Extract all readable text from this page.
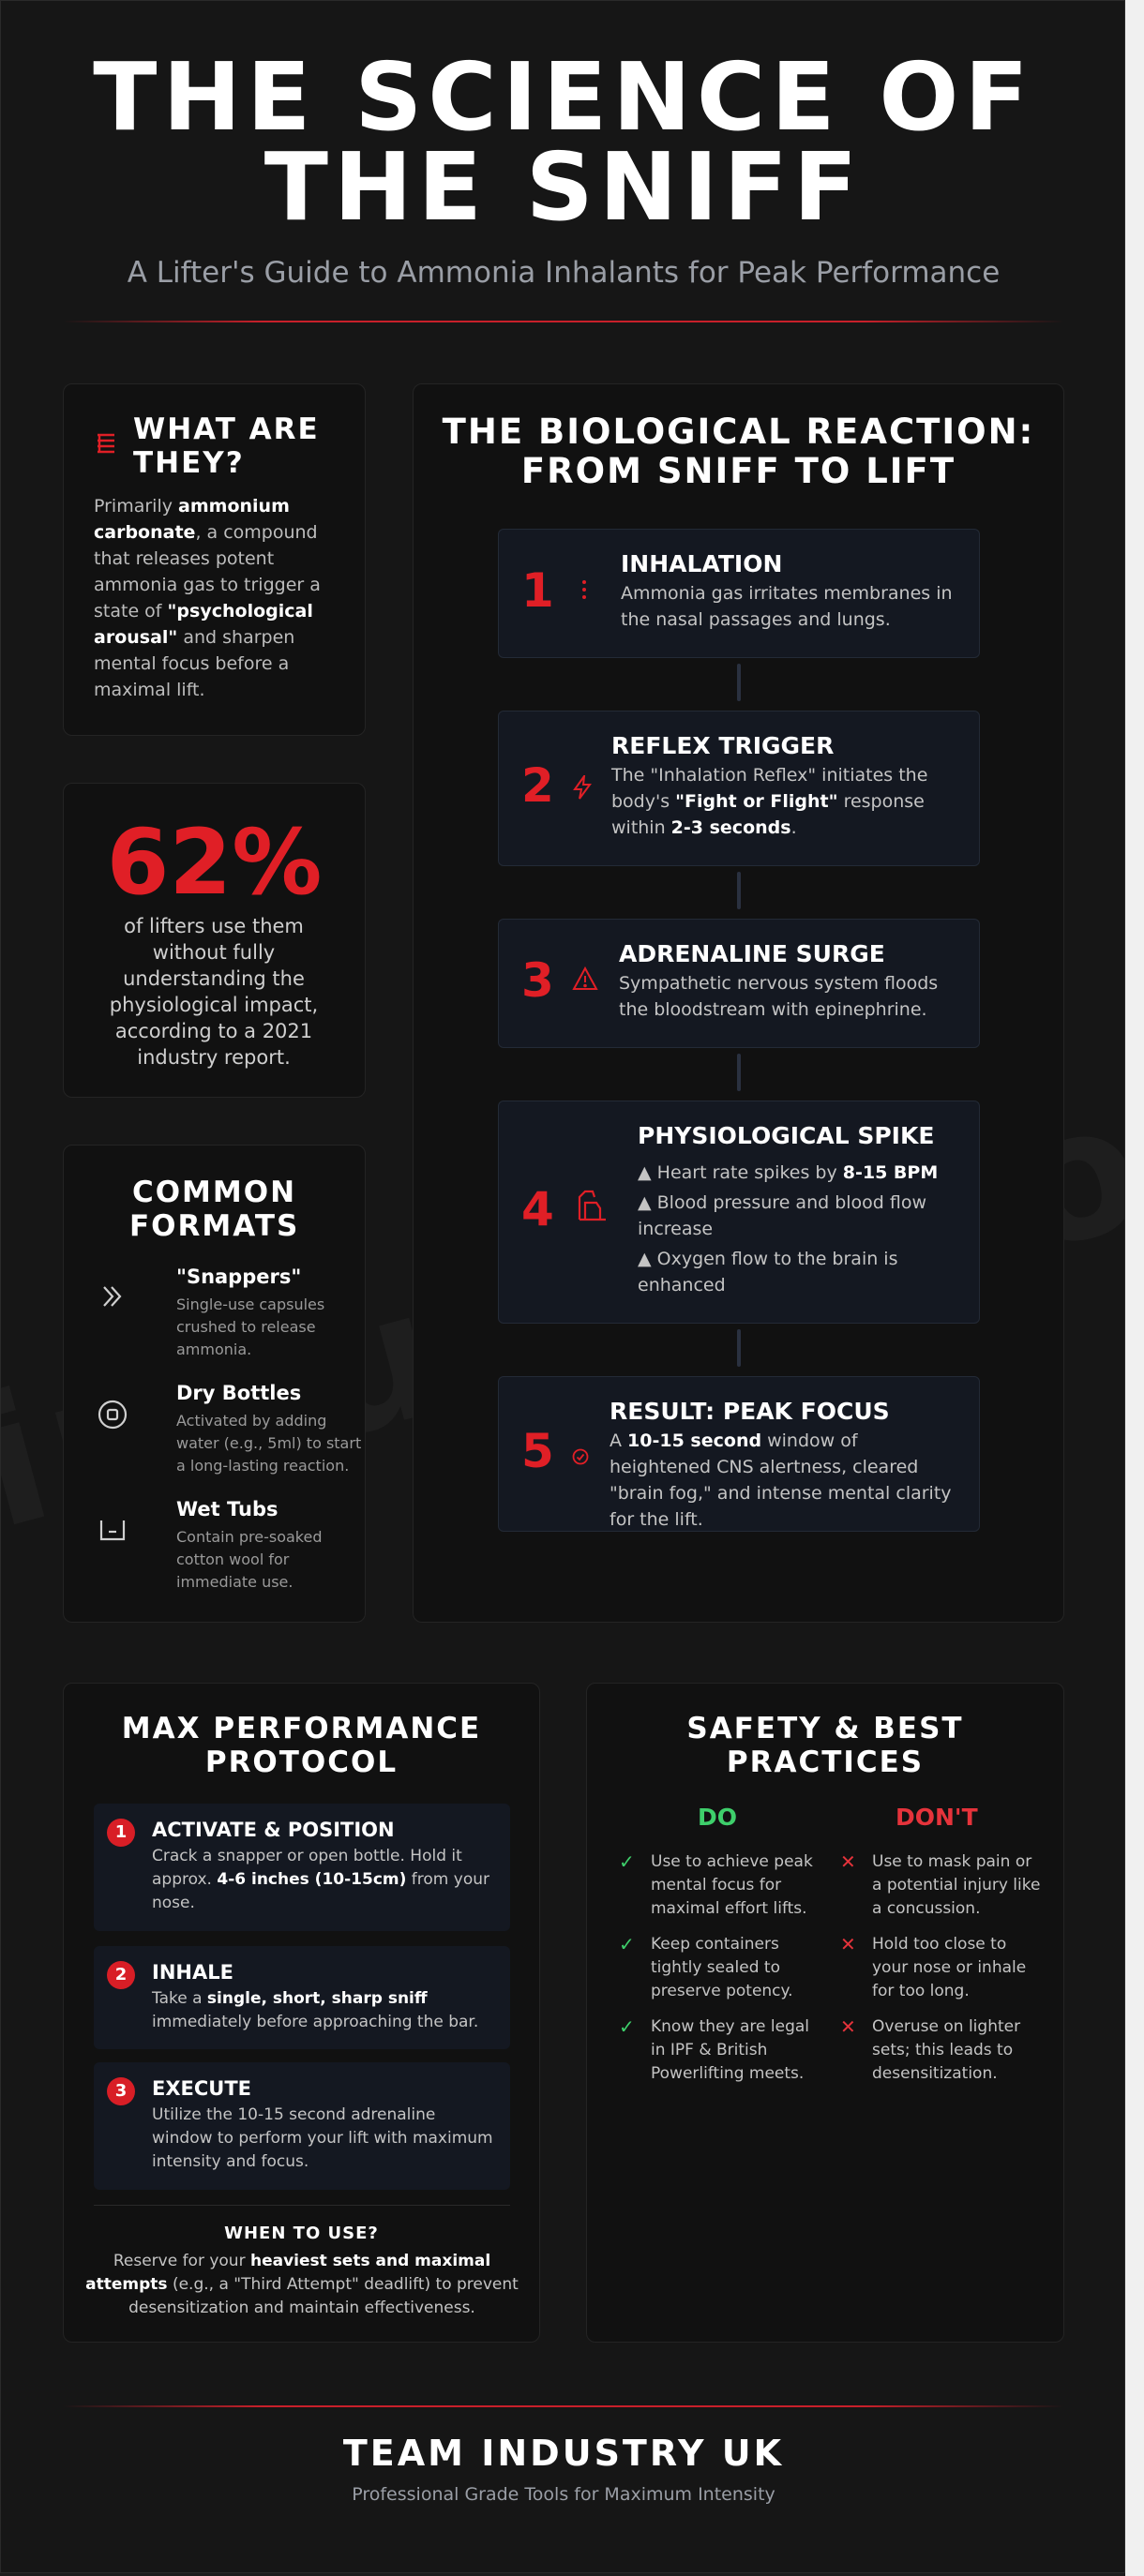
THE SCIENCE OF
THE SNIFF
A Lifter's Guide to Ammonia Inhalants for Peak Performance
WHAT ARE THEY?
Primarily ammonium carbonate, a compound that releases potent ammonia gas to trigger a state of "psychological arousal" and sharpen mental focus before a maximal lift.
62%
of lifters use them without fully understanding the physiological impact, according to a 2021 industry report.
COMMON FORMATS
"Snappers"
Single-use capsules crushed to release ammonia.
Dry Bottles
Activated by adding water (e.g., 5ml) to start a long-lasting reaction.
Wet Tubs
Contain pre-soaked cotton wool for immediate use.
THE BIOLOGICAL REACTION:
FROM SNIFF TO LIFT
1	INHALATION
Ammonia gas irritates membranes in the nasal passages and lungs.
2
REFLEX TRIGGER
The "Inhalation Reflex" initiates the body's "Fight or Flight" response within 2-3 seconds.
3	ADRENALINE SURGE
Sympathetic nervous system floods the bloodstream with epinephrine.
4
PHYSIOLOGICAL SPIKE
▲ Heart rate spikes by 8-15 BPM
▲ Blood pressure and blood flow increase
▲ Oxygen flow to the brain is enhanced
5
RESULT: PEAK FOCUS
A 10-15 second window of heightened CNS alertness, cleared "brain fog," and intense mental clarity for the lift.
MAX PERFORMANCE
PROTOCOL
1	ACTIVATE & POSITION
Crack a snapper or open bottle. Hold it approx. 4-6 inches (10-15cm) from your nose.
2	INHALE
Take a single, short, sharp sniff immediately before approaching the bar.
3	EXECUTE
Utilize the 10-15 second adrenaline window to perform your lift with maximum intensity and focus.
WHEN TO USE?
Reserve for your heaviest sets and maximal attempts (e.g., a "Third Attempt" deadlift) to prevent desensitization and maintain effectiveness.
SAFETY & BEST
PRACTICES
DO	DON'T
✓ Use to achieve peak mental focus for maximal effort lifts.
✓ Keep containers tightly sealed to preserve potency.
✓ Know they are legal in IPF & British Powerlifting meets.
✕ Use to mask pain or a potential injury like a concussion.
✕ Hold too close to your nose or inhale for too long.
✕ Overuse on lighter sets; this leads to desensitization.
TEAM INDUSTRY UK
Professional Grade Tools for Maximum Intensity
